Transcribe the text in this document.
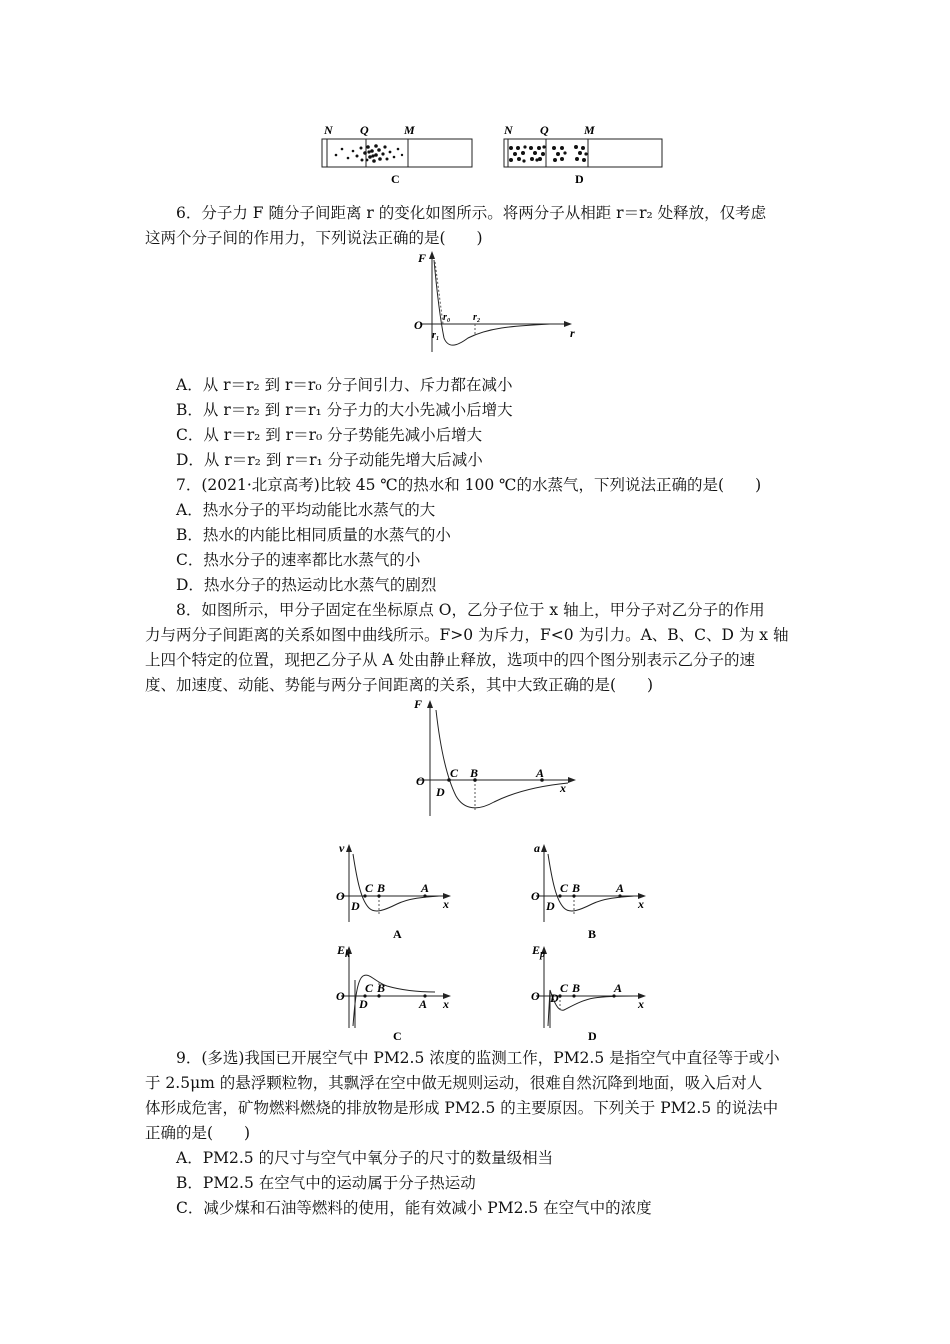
N Q	M
C
N Q	M
D
6．分子力 F 随分子间距离 r 的变化如图所示。将两分子从相距 r＝r₂ 处释放，仅考虑
这两个分子间的作用力，下列说法正确的是(　　)
F
O
r
r₀ r₂
r₁
A．从 r＝r₂ 到 r＝r₀ 分子间引力、斥力都在减小
B．从 r＝r₂ 到 r＝r₁ 分子力的大小先减小后增大
C．从 r＝r₂ 到 r＝r₀ 分子势能先减小后增大
D．从 r＝r₂ 到 r＝r₁ 分子动能先增大后减小
7．(2021·北京高考)比较 45 ℃的热水和 100 ℃的水蒸气，下列说法正确的是(　　)
A．热水分子的平均动能比水蒸气的大
B．热水的内能比相同质量的水蒸气的小
C．热水分子的速率都比水蒸气的小
D．热水分子的热运动比水蒸气的剧烈
8．如图所示，甲分子固定在坐标原点 O，乙分子位于 x 轴上，甲分子对乙分子的作用
力与两分子间距离的关系如图中曲线所示。F>0 为斥力，F<0 为引力。A、B、C、D 为 x 轴
上四个特定的位置，现把乙分子从 A 处由静止释放，选项中的四个图分别表示乙分子的速
度、加速度、动能、势能与两分子间距离的关系，其中大致正确的是(　　)
F
O
C B	A
D	x
v
O
C B	A
D	x
A
a
O
C B	A
D	x
B
$E_k$
O
C B
A
D	x
C
$E_p$
O
C B	A
D	x
D
9．(多选)我国已开展空气中 PM2.5 浓度的监测工作，PM2.5 是指空气中直径等于或小
于 2.5μm 的悬浮颗粒物，其飘浮在空中做无规则运动，很难自然沉降到地面，吸入后对人
体形成危害，矿物燃料燃烧的排放物是形成 PM2.5 的主要原因。下列关于 PM2.5 的说法中
正确的是(　　)
A．PM2.5 的尺寸与空气中氧分子的尺寸的数量级相当
B．PM2.5 在空气中的运动属于分子热运动
C．减少煤和石油等燃料的使用，能有效减小 PM2.5 在空气中的浓度
